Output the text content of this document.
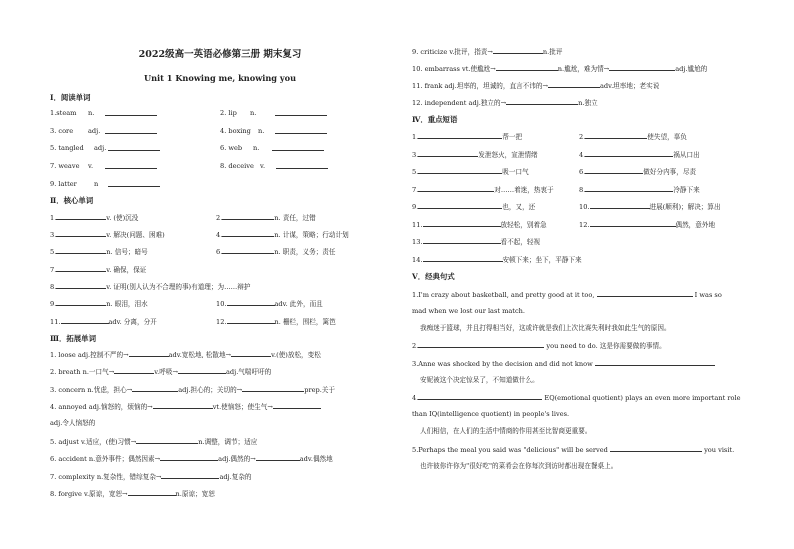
2022级高一英语必修第三册 期末复习
Unit 1 Knowing me, knowing you
Ⅰ．阅读单词
1.steam n.	2. lip n.
3. core adj.	4. boxing n.
5. tangled adj.	6. web n.
7. weave v.	8. deceive v.
9. latter	n
Ⅱ．核心单词
1.	v. (使)沉没	2.	n. 责任，过错
3.	v. 解决(问题、困难)	4.	n. 计谋，策略；行动计划
5.	n. 信号；暗号	6.	n. 职责，义务；责任
7.	v. 确保，保证
8.	v. 证明(别人认为不合理的事)有道理；为……辩护
9.	n. 眼泪，泪水	10.	adv. 此外，而且
11.	adv. 分离，分开	12.	n. 栅栏，围栏，篱笆
Ⅲ．拓展单词
1. loose adj.控制不严的→	adv.宽松地, 松散地→	v.(使)放松，变松
2. breath n.一口气→	v.呼吸→	adj.气喘吁吁的
3. concern n.忧虑，担心→	adj.担心的；关切的→	prep.关于
4. annoyed adj.恼怒的，烦恼的→	vt.使恼怒；使生气→
adj.令人恼怒的
5. adjust v.适应，(使)习惯→	n.调整，调节；适应
6. accident n.意外事件；偶然因素→	adj.偶然的→	adv.偶然地
7. complexity n.复杂性，错综复杂→	adj.复杂的
8. forgive v.原谅，宽恕→	n.原谅；宽恕
9. criticize v.批评，指责→	n.批评
10. embarrass vt.使尴尬→	n.尴尬，难为情→	adj.尴尬的
11. frank adj.坦率的，坦诚的，直言不讳的→	adv.坦率地；老实说
12. independent adj.独立的→	n.独立
Ⅳ．重点短语
1.	帮一把	2.	使失望，辜负
3.	发泄怒火，宣泄情绪	4.	祸从口出
5.	吸一口气	6.	做好分内事，尽责
7.	对……着迷，热衷于	8.	冷静下来
9.	也，又，还	10.	进展(顺利)；解决；算出
11.	放轻松，别着急	12.	偶然，意外地
13.	看不起，轻视
14.	安顿下来；坐下，平静下来
Ⅴ．经典句式
1.I'm crazy about basketball, and pretty good at it too,	I was so
mad when we lost our last match.
我痴迷于篮球，并且打得相当好，这或许就是我们上次比赛失利时我如此生气的原因。
2.	you need to do. 这是你需要做的事情。
3.Anne was shocked by the decision and did not know
安妮被这个决定惊呆了，不知道做什么。
4.	EQ(emotional quotient) plays an even more important role
than IQ(intelligence quotient) in people's lives.
人们相信，在人们的生活中情商的作用甚至比智商更重要。
5.Perhaps the meal you said was "delicious" will be served	you visit.
也许彼你许你为"很好吃"的菜肴会在你每次到访时都出现在餐桌上。
